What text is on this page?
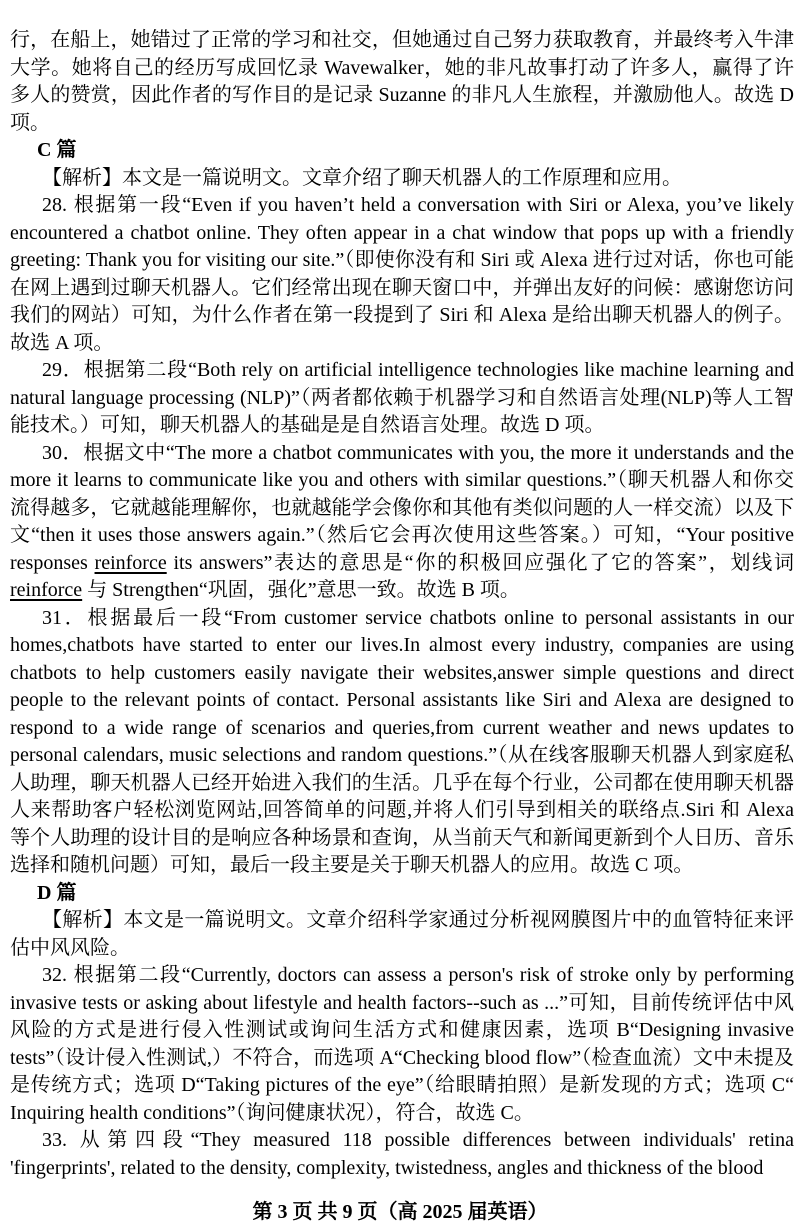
行，在船上，她错过了正常的学习和社交，但她通过自己努力获取教育，并最终考入牛津大学。她将自己的经历写成回忆录 Wavewalker，她的非凡故事打动了许多人，赢得了许多人的赞赏，因此作者的写作目的是记录 Suzanne 的非凡人生旅程，并激励他人。故选 D 项。

C 篇

【解析】本文是一篇说明文。文章介绍了聊天机器人的工作原理和应用。

28. 根据第一段“Even if you haven’t held a conversation with Siri or Alexa, you’ve likely encountered a chatbot online. They often appear in a chat window that pops up with a friendly greeting: Thank you for visiting our site.”（即使你没有和 Siri 或 Alexa 进行过对话，你也可能在网上遇到过聊天机器人。它们经常出现在聊天窗口中，并弹出友好的问候：感谢您访问我们的网站）可知，为什么作者在第一段提到了 Siri 和 Alexa 是给出聊天机器人的例子。故选 A 项。

29．根据第二段“Both rely on artificial intelligence technologies like machine learning and natural language processing (NLP)”（两者都依赖于机器学习和自然语言处理(NLP)等人工智能技术。）可知，聊天机器人的基础是是自然语言处理。故选 D 项。

30．根据文中“The more a chatbot communicates with you, the more it understands and the more it learns to communicate like you and others with similar questions.”（聊天机器人和你交流得越多，它就越能理解你，也就越能学会像你和其他有类似问题的人一样交流）以及下文“then it uses those answers again.”（然后它会再次使用这些答案。）可知，“Your positive responses reinforce its answers”表达的意思是“你的积极回应强化了它的答案”，划线词 reinforce 与 Strengthen“巩固，强化”意思一致。故选 B 项。

31．根据最后一段“From customer service chatbots online to personal assistants in our homes,chatbots have started to enter our lives.In almost every industry, companies are using chatbots to help customers easily navigate their websites,answer simple questions and direct people to the relevant points of contact. Personal assistants like Siri and Alexa are designed to respond to a wide range of scenarios and queries,from current weather and news updates to personal calendars, music selections and random questions.”（从在线客服聊天机器人到家庭私人助理，聊天机器人已经开始进入我们的生活。几乎在每个行业，公司都在使用聊天机器人来帮助客户轻松浏览网站,回答简单的问题,并将人们引导到相关的联络点.Siri 和 Alexa 等个人助理的设计目的是响应各种场景和查询，从当前天气和新闻更新到个人日历、音乐选择和随机问题）可知，最后一段主要是关于聊天机器人的应用。故选 C 项。

D 篇

【解析】本文是一篇说明文。文章介绍科学家通过分析视网膜图片中的血管特征来评估中风风险。

32. 根据第二段“Currently, doctors can assess a person's risk of stroke only by performing invasive tests or asking about lifestyle and health factors--such as ...”可知，目前传统评估中风风险的方式是进行侵入性测试或询问生活方式和健康因素，选项 B“Designing invasive tests”（设计侵入性测试,）不符合，而选项 A“Checking blood flow”（检查血流）文中未提及是传统方式；选项 D“Taking pictures of the eye”（给眼睛拍照）是新发现的方式；选项 C“ Inquiring health conditions”（询问健康状况），符合，故选 C。

33. 从第四段“They measured 118 possible differences between individuals' retina 'fingerprints', related to the density, complexity, twistedness, angles and thickness of the blood

第 3 页 共 9 页（高 2025 届英语）
